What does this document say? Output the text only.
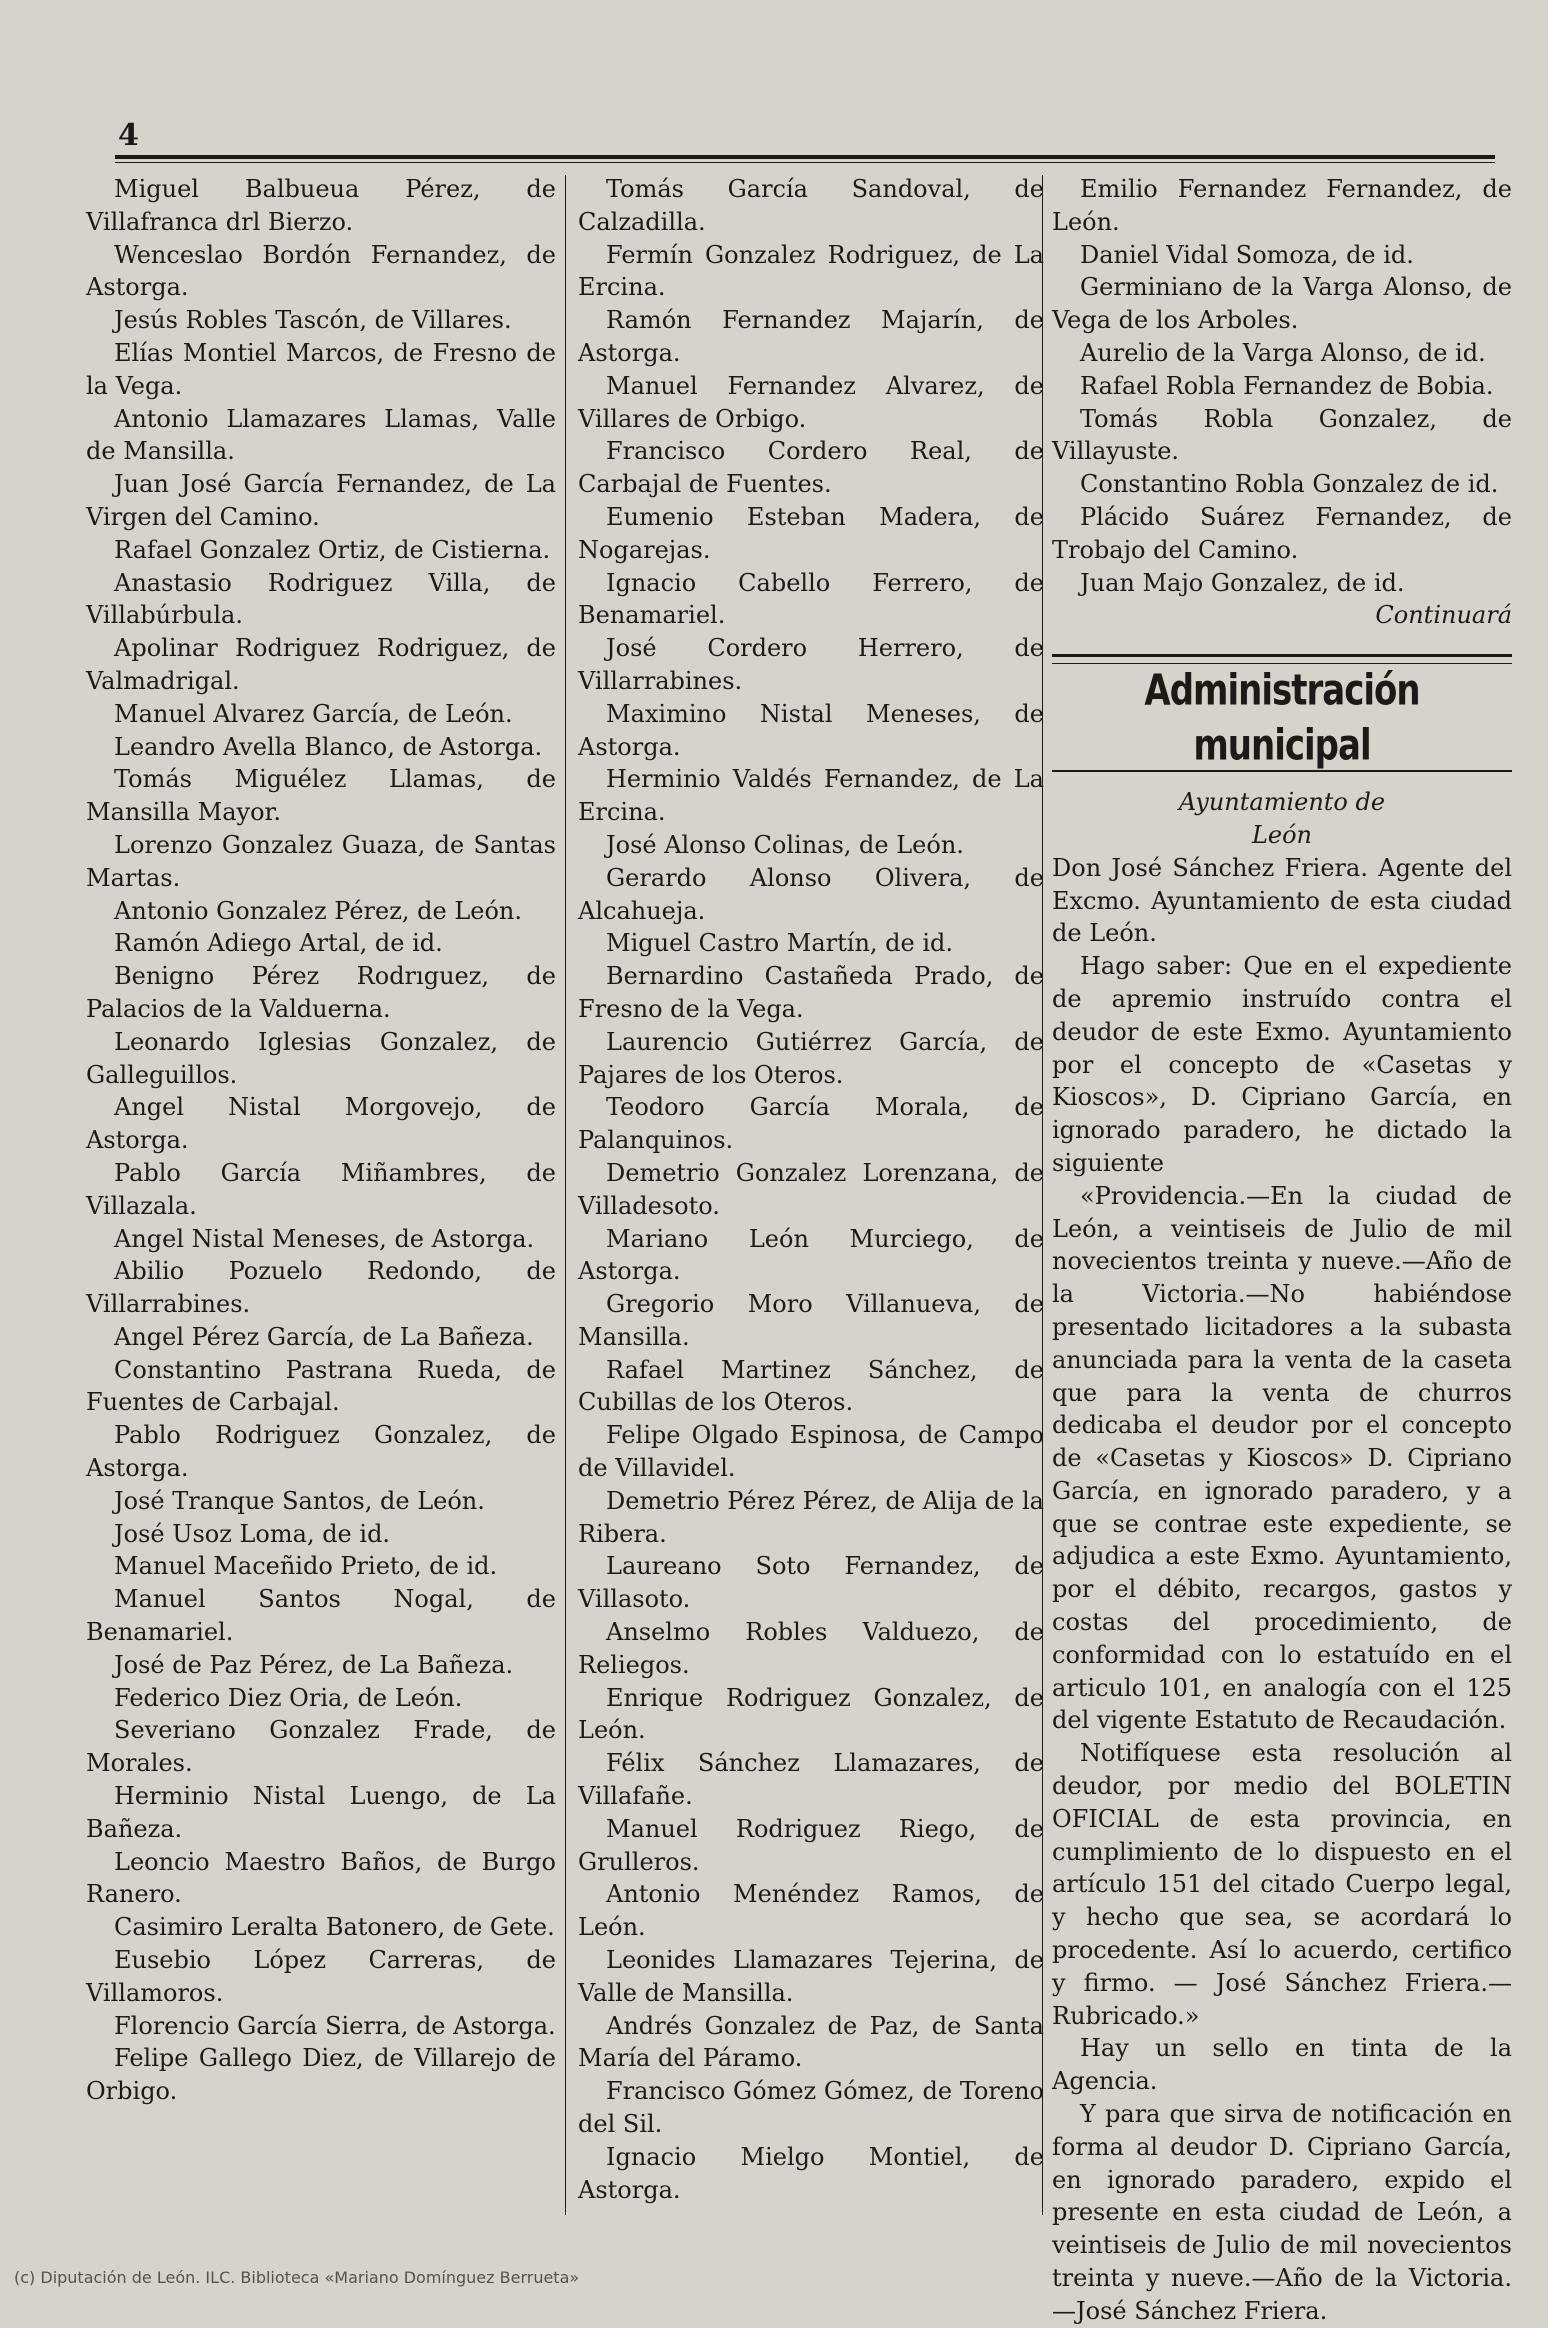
4

Miguel Balbueua Pérez, de Villafranca drl Bierzo.

Wenceslao Bordón Fernandez, de Astorga.

Jesús Robles Tascón, de Villares.

Elías Montiel Marcos, de Fresno de la Vega.

Antonio Llamazares Llamas, Valle de Mansilla.

Juan José García Fernandez, de La Virgen del Camino.

Rafael Gonzalez Ortiz, de Cistierna.

Anastasio Rodriguez Villa, de Villabúrbula.

Apolinar Rodriguez Rodriguez, de Valmadrigal.

Manuel Alvarez García, de León.

Leandro Avella Blanco, de Astorga.

Tomás Miguélez Llamas, de Mansilla Mayor.

Lorenzo Gonzalez Guaza, de Santas Martas.

Antonio Gonzalez Pérez, de León.

Ramón Adiego Artal, de id.

Benigno Pérez Rodrıguez, de Palacios de la Valduerna.

Leonardo Iglesias Gonzalez, de Galleguillos.

Angel Nistal Morgovejo, de Astorga.

Pablo García Miñambres, de Villazala.

Angel Nistal Meneses, de Astorga.

Abilio Pozuelo Redondo, de Villarrabines.

Angel Pérez García, de La Bañeza.

Constantino Pastrana Rueda, de Fuentes de Carbajal.

Pablo Rodriguez Gonzalez, de Astorga.

José Tranque Santos, de León.

José Usoz Loma, de id.

Manuel Maceñido Prieto, de id.

Manuel Santos Nogal, de Benamariel.

José de Paz Pérez, de La Bañeza.

Federico Diez Oria, de León.

Severiano Gonzalez Frade, de Morales.

Herminio Nistal Luengo, de La Bañeza.

Leoncio Maestro Baños, de Burgo Ranero.

Casimiro Leralta Batonero, de Gete.

Eusebio López Carreras, de Villamoros.

Florencio García Sierra, de Astorga.

Felipe Gallego Diez, de Villarejo de Orbigo.

Tomás García Sandoval, de Calzadilla.

Fermín Gonzalez Rodriguez, de La Ercina.

Ramón Fernandez Majarín, de Astorga.

Manuel Fernandez Alvarez, de Villares de Orbigo.

Francisco Cordero Real, de Carbajal de Fuentes.

Eumenio Esteban Madera, de Nogarejas.

Ignacio Cabello Ferrero, de Benamariel.

José Cordero Herrero, de Villarrabines.

Maximino Nistal Meneses, de Astorga.

Herminio Valdés Fernandez, de La Ercina.

José Alonso Colinas, de León.

Gerardo Alonso Olivera, de Alcahueja.

Miguel Castro Martín, de id.

Bernardino Castañeda Prado, de Fresno de la Vega.

Laurencio Gutiérrez García, de Pajares de los Oteros.

Teodoro García Morala, de Palanquinos.

Demetrio Gonzalez Lorenzana, de Villadesoto.

Mariano León Murciego, de Astorga.

Gregorio Moro Villanueva, de Mansilla.

Rafael Martinez Sánchez, de Cubillas de los Oteros.

Felipe Olgado Espinosa, de Campo de Villavidel.

Demetrio Pérez Pérez, de Alija de la Ribera.

Laureano Soto Fernandez, de Villasoto.

Anselmo Robles Valduezo, de Reliegos.

Enrique Rodriguez Gonzalez, de León.

Félix Sánchez Llamazares, de Villafañe.

Manuel Rodriguez Riego, de Grulleros.

Antonio Menéndez Ramos, de León.

Leonides Llamazares Tejerina, de Valle de Mansilla.

Andrés Gonzalez de Paz, de Santa María del Páramo.

Francisco Gómez Gómez, de Toreno del Sil.

Ignacio Mielgo Montiel, de Astorga.

Emilio Fernandez Fernandez, de León.

Daniel Vidal Somoza, de id.

Germiniano de la Varga Alonso, de Vega de los Arboles.

Aurelio de la Varga Alonso, de id.

Rafael Robla Fernandez de Bobia.

Tomás Robla Gonzalez, de Villayuste.

Constantino Robla Gonzalez de id.

Plácido Suárez Fernandez, de Trobajo del Camino.

Juan Majo Gonzalez, de id.

Continuará

Administración municipal

Ayuntamiento de

León

Don José Sánchez Friera. Agente del Excmo. Ayuntamiento de esta ciudad de León.

Hago saber: Que en el expediente de apremio instruído contra el deudor de este Exmo. Ayuntamiento por el concepto de «Casetas y Kioscos», D. Cipriano García, en ignorado paradero, he dictado la siguiente

«Providencia.—En la ciudad de León, a veintiseis de Julio de mil novecientos treinta y nueve.—Año de la Victoria.—No habiéndose presentado licitadores a la subasta anunciada para la venta de la caseta que para la venta de churros dedicaba el deudor por el concepto de «Casetas y Kioscos» D. Cipriano García, en ignorado paradero, y a que se contrae este expediente, se adjudica a este Exmo. Ayuntamiento, por el débito, recargos, gastos y costas del procedimiento, de conformidad con lo estatuído en el articulo 101, en analogía con el 125 del vigente Estatuto de Recaudación.

Notifíquese esta resolución al deudor, por medio del BOLETIN OFICIAL de esta provincia, en cumplimiento de lo dispuesto en el artículo 151 del citado Cuerpo legal, y hecho que sea, se acordará lo procedente. Así lo acuerdo, certifico y firmo. — José Sánchez Friera.—Rubricado.»

Hay un sello en tinta de la Agencia.

Y para que sirva de notificación en forma al deudor D. Cipriano García, en ignorado paradero, expido el presente en esta ciudad de León, a veintiseis de Julio de mil novecientos treinta y nueve.—Año de la Victoria.—José Sánchez Friera.

(c) Diputación de León. ILC. Biblioteca «Mariano Domínguez Berrueta»
